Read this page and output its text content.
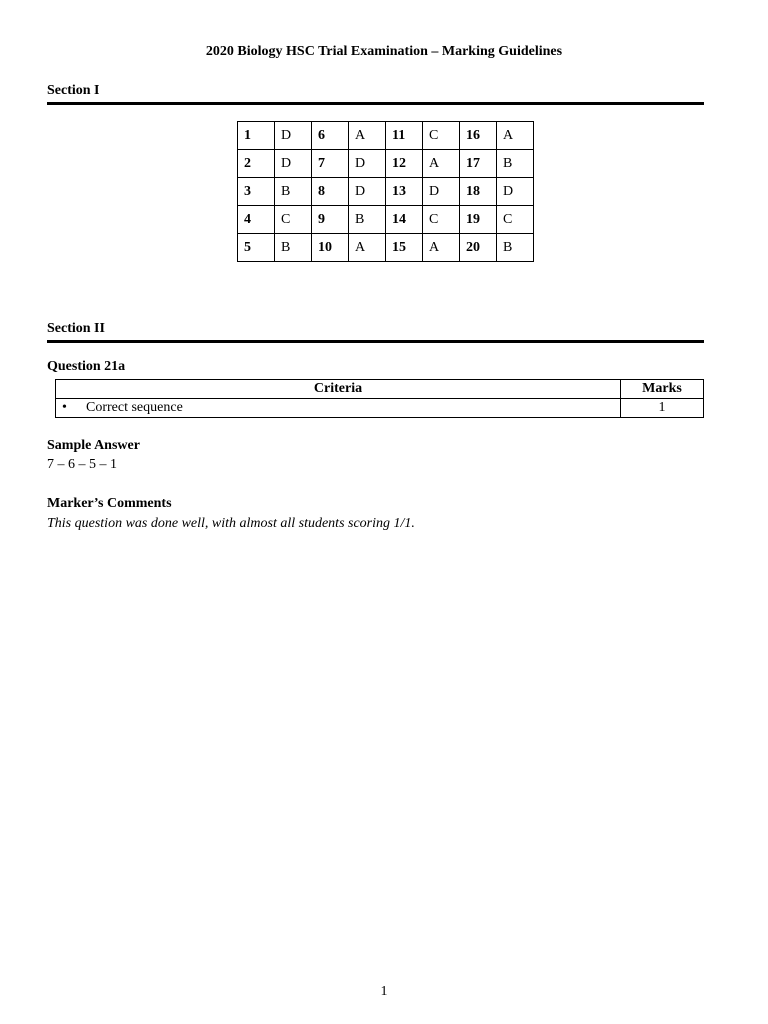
2020 Biology HSC Trial Examination – Marking Guidelines
Section I
1	D	6	A	11	C	16	A
2	D	7	D	12	A	17	B
3	B	8	D	13	D	18	D
4	C	9	B	14	C	19	C
5	B	10	A	15	A	20	B
Section II
Question 21a
Criteria	Marks
• Correct sequence	1
Sample Answer
7 – 6 – 5 – 1
Marker’s Comments
This question was done well, with almost all students scoring 1/1.
1
